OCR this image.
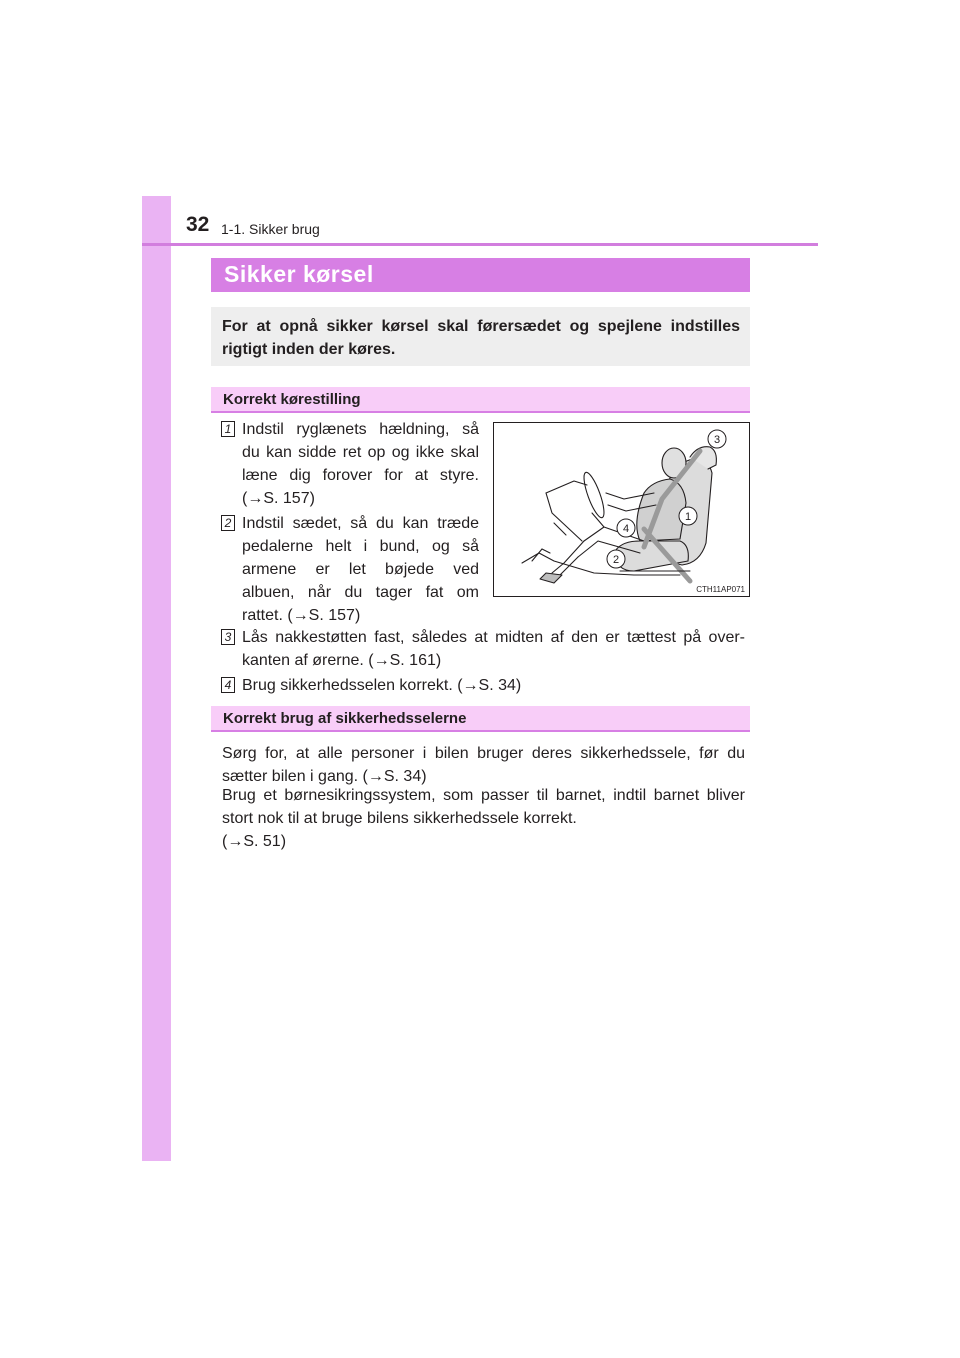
32 1-1. Sikker brug
Sikker kørsel
For at opnå sikker kørsel skal førersædet og spejlene indstilles rigtigt inden der køres.
Korrekt kørestilling
1 Indstil ryglænets hældning, så
du kan sidde ret op og ikke skal
læne dig forover for at styre.
(→S. 157)
2 Indstil sædet, så du kan træde
pedalerne helt i bund, og så
armene er let bøjede ved
albuen, når du tager fat om
rattet. (→S. 157)
3
1
4
2
CTH11AP071
3 Lås nakkestøtten fast, således at midten af den er tættest på over-
kanten af ørerne. (→S. 161)
4 Brug sikkerhedsselen korrekt. (→S. 34)
Korrekt brug af sikkerhedsselerne
Sørg for, at alle personer i bilen bruger deres sikkerhedssele, før du
sætter bilen i gang. (→S. 34)
Brug et børnesikringssystem, som passer til barnet, indtil barnet bliver
stort nok til at bruge bilens sikkerhedssele korrekt.
(→S. 51)
